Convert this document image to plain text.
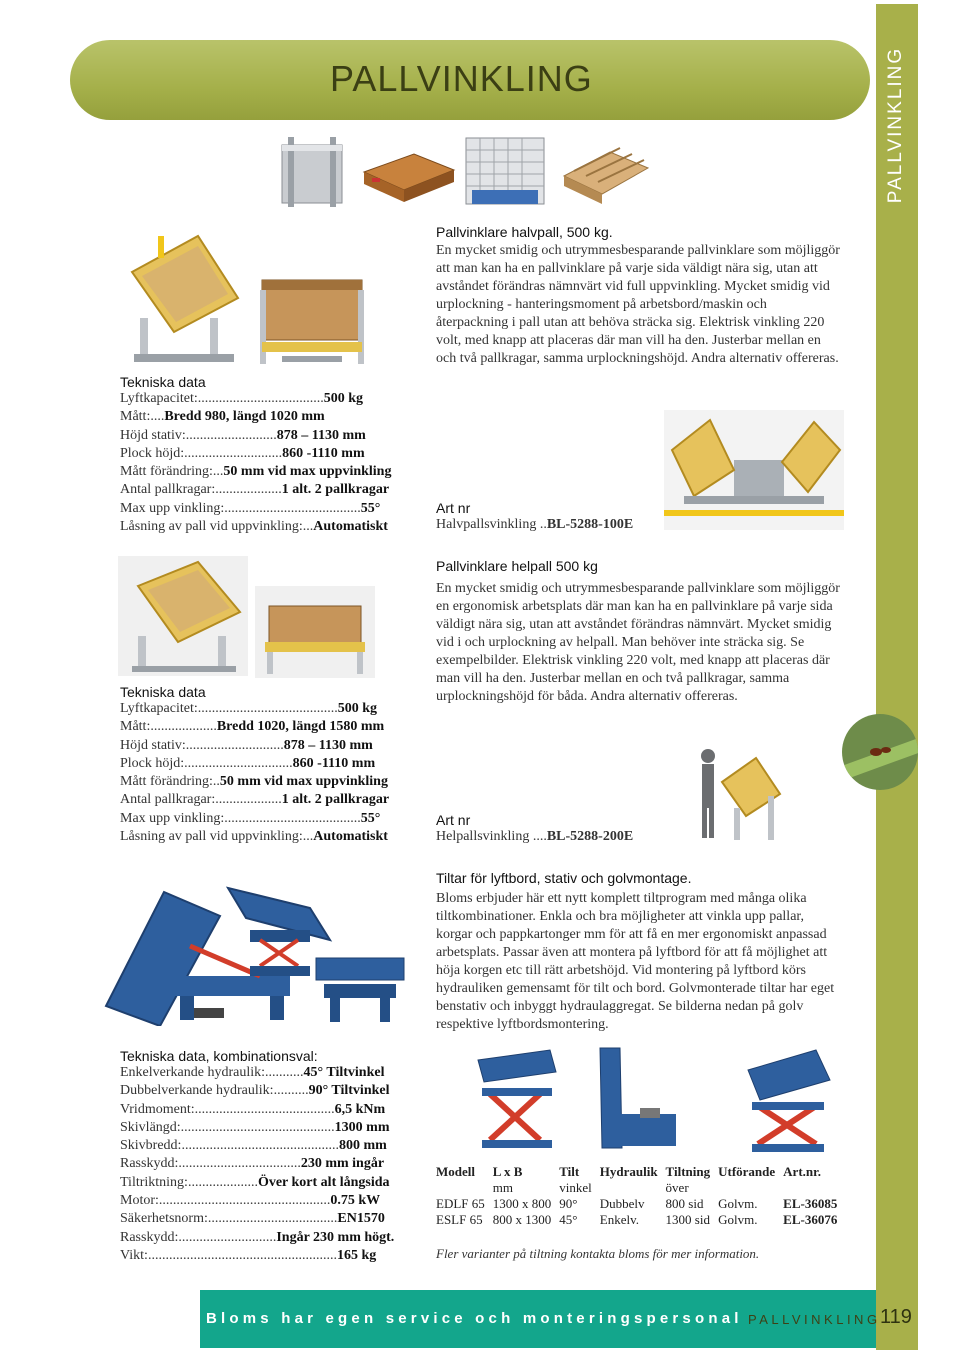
PALLVINKLING	PALLVINKLING
Bloms har egen service och monteringspersonal PALLVINKLING 119
Tekniska data
Lyftkapacitet:....................................500 kg
Mått:....Bredd 980, längd 1020 mm
Höjd stativ:..........................878 – 1130 mm
Plock höjd:............................860 -1110 mm
Mått förändring:...50 mm vid max uppvinkling
Antal pallkragar:...................1 alt. 2 pallkragar
Max upp vinkling:.......................................55°
Låsning av pall vid uppvinkling:...Automatiskt
Pallvinklare halvpall, 500 kg.
En mycket smidig och utrymmesbesparande pallvinklare som möjliggör att man kan ha en pallvinklare på varje sida väldigt nära sig, utan att avståndet förändras nämnvärt vid full uppvinkling. Mycket smidig vid urplockning - hanteringsmoment på arbetsbord/maskin och återpackning i pall utan att behöva sträcka sig. Elektrisk vinkling 220 volt, med knapp att placeras där man vill ha den. Justerbar mellan en och två pallkragar, samma urplockningshöjd. Andra alternativ offereras.
Art nr
Halvpallsvinkling ..BL-5288-100E
Tekniska data
Lyftkapacitet:........................................500 kg
Mått:...................Bredd 1020, längd 1580 mm
Höjd stativ:............................878 – 1130 mm
Plock höjd:...............................860 -1110 mm
Mått förändring:..50 mm vid max uppvinkling
Antal pallkragar:...................1 alt. 2 pallkragar
Max upp vinkling:.......................................55°
Låsning av pall vid uppvinkling:...Automatiskt
Pallvinklare helpall 500 kg
En mycket smidig och utrymmesbesparande pallvinklare som möjliggör en ergonomisk arbetsplats där man kan ha en pallvinklare på varje sida väldigt nära sig, utan att avståndet förändras nämnvärt. Mycket smidig vid i och urplockning av helpall. Man behöver inte sträcka sig. Se exempelbilder. Elektrisk vinkling 220 volt, med knapp att placeras där man vill ha den. Justerbar mellan en och två pallkragar, samma urplockningshöjd för båda. Andra alternativ offereras.
Art nr
Helpallsvinkling ....BL-5288-200E
Tiltar för lyftbord, stativ och golvmontage.
Bloms erbjuder här ett nytt komplett tiltprogram med många olika tiltkombinationer. Enkla och bra möjligheter att vinkla upp pallar, korgar och pappkartonger mm för att få en mer ergonomiskt anpassad arbetsplats. Passar även att montera på lyftbord för att få möjlighet att höja korgen etc till rätt arbetshöjd. Vid montering på lyftbord körs hydrauliken gemensamt för tilt och bord. Golvmonterade tiltar har eget benstativ och inbyggt hydraulaggregat. Se bilderna nedan på golv respektive lyftbordsmontering.
Tekniska data, kombinationsval:
Enkelverkande hydraulik:...........45° Tiltvinkel
Dubbelverkande hydraulik:..........90° Tiltvinkel
Vridmoment:........................................6,5 kNm
Skivlängd:............................................1300 mm
Skivbredd:.............................................800 mm
Rasskydd:...................................230 mm ingår
Tiltriktning:....................Över kort alt långsida
Motor:.................................................0.75 kW
Säkerhetsnorm:.....................................EN1570
Rasskydd:............................Ingår 230 mm högt.
Vikt:......................................................165 kg
Modell	L x B	Tilt	Hydraulik	Tiltning	Utförande	Art.nr.
	mm	vinkel		över		
EDLF 65	1300 x 800	90°	Dubbelv	800 sid	Golvm.	EL-36085
ESLF 65	800 x 1300	45°	Enkelv.	1300 sid	Golvm.	EL-36076
Fler varianter på tiltning kontakta bloms för mer information.
